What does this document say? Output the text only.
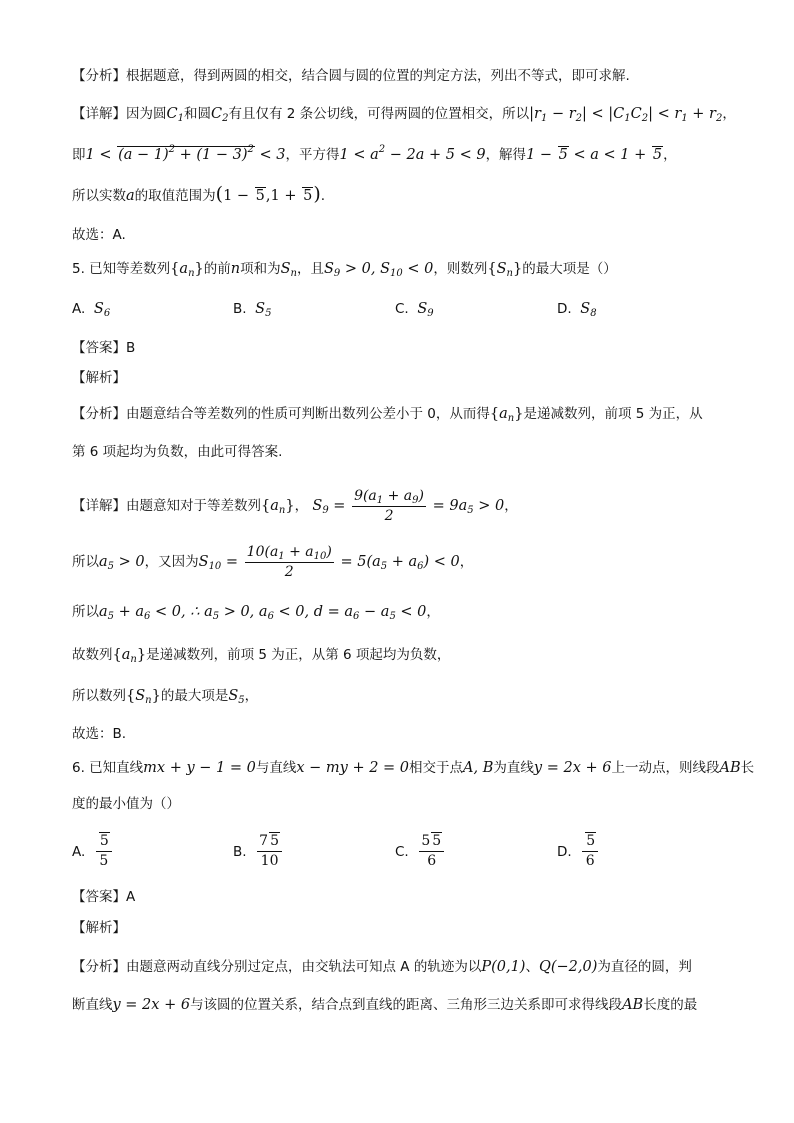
【分析】根据题意，得到两圆的相交，结合圆与圆的位置的判定方法，列出不等式，即可求解.
【详解】因为圆$C_1$和圆$C_2$有且仅有 2 条公切线，可得两圆的位置相交，所以$|r_1 - r_2| < |C_1C_2| < r_1 + r_2$，
即$1 < (a - 1)^2 + (1 - 3)^2 < 3$，平方得$1 < a^2 - 2a + 5 < 9$，解得1 − 5 < a < 1 + 5，
所以实数a的取值范围为(1 − 5,1 + 5).
故选：A.
5. 已知等差数列$\{a_n\}$的前n项和为$S_n$，且$S_9 > 0$, $S_{10} < 0$，则数列$\{S_n\}$的最大项是（）
A. $S_6$	B. $S_5$	C. $S_9$	D. $S_8$
【答案】B
【解析】
【分析】由题意结合等差数列的性质可判断出数列公差小于 0，从而得$\{a_n\}$是递减数列，前项 5 为正，从
第 6 项起均为负数，由此可得答案.
【详解】由题意知对于等差数列$\{a_n\}$， $S_9 = \frac{9(a_1 + a_9)}{2} = 9a_5 > 0$，
所以$a_5 > 0$，又因为$S_{10} = \frac{10(a_1 + a_{10})}{2} = 5(a_5 + a_6) < 0$，
所以$a_5 + a_6 < 0$, ∴ $a_5 > 0$, $a_6 < 0$, $d = a_6 - a_5 < 0$，
故数列$\{a_n\}$是递减数列，前项 5 为正，从第 6 项起均为负数，
所以数列$\{S_n\}$的最大项是$S_5$，
故选：B.
6. 已知直线mx + y − 1 = 0与直线x − my + 2 = 0相交于点A, B为直线y = 2x + 6上一动点，则线段AB长
度的最小值为（）
A. $\frac{5}{5}$	B. $\frac{7 5}{10}$	C. $\frac{5 5}{6}$	D. $\frac{5}{6}$
【答案】A
【解析】
【分析】由题意两动直线分别过定点，由交轨法可知点 A 的轨迹为以P(0,1)、Q(−2,0)为直径的圆，判
断直线y = 2x + 6与该圆的位置关系，结合点到直线的距离、三角形三边关系即可求得线段AB长度的最
